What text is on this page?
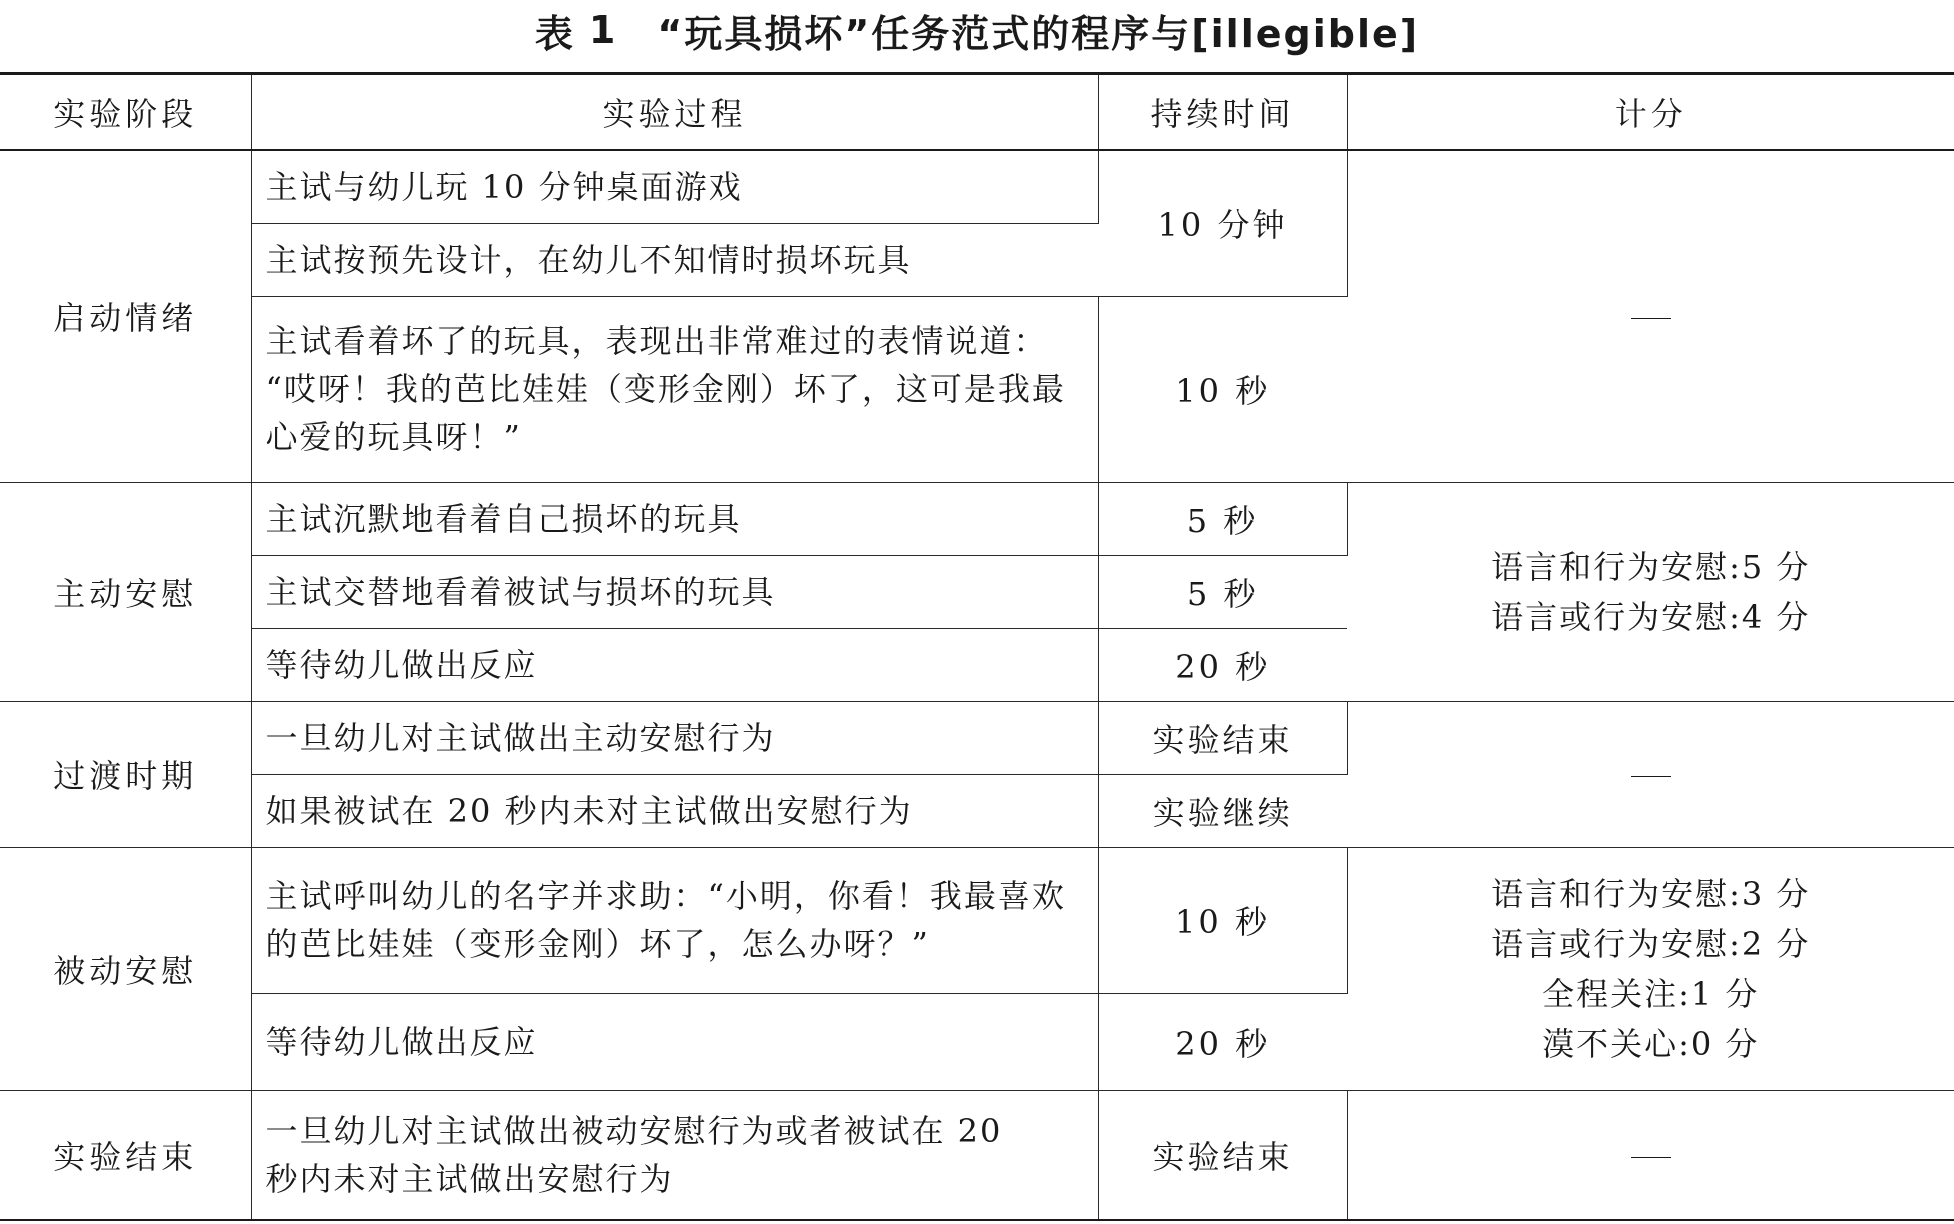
表 1 “玩具损坏”任务范式的程序与[illegible]
实验阶段	实验过程	持续时间	计分
启动情绪	主试与幼儿玩 10 分钟桌面游戏	10 分钟	
	主试按预先设计，在幼儿不知情时损坏玩具		

	主试看着坏了的玩具，表现出非常难过的表情说道：
“哎呀！我的芭比娃娃（变形金刚）坏了，这可是我最
心爱的玩具呀！”	10 秒	
主动安慰	主试沉默地看着自己损坏的玩具	5 秒	语言和行为安慰:5 分
语言或行为安慰:4 分

	主试交替地看着被试与损坏的玩具	5 秒	
	等待幼儿做出反应	20 秒	
过渡时期	一旦幼儿对主试做出主动安慰行为	实验结束	
	如果被试在 20 秒内未对主试做出安慰行为	实验继续	
被动安慰	主试呼叫幼儿的名字并求助：“小明，你看！我最喜欢
的芭比娃娃（变形金刚）坏了，怎么办呀？”	10 秒	语言和行为安慰:3 分
语言或行为安慰:2 分
全程关注:1 分
漠不关心:0 分

	等待幼儿做出反应	20 秒	
实验结束	一旦幼儿对主试做出被动安慰行为或者被试在 20
秒内未对主试做出安慰行为	实验结束	
